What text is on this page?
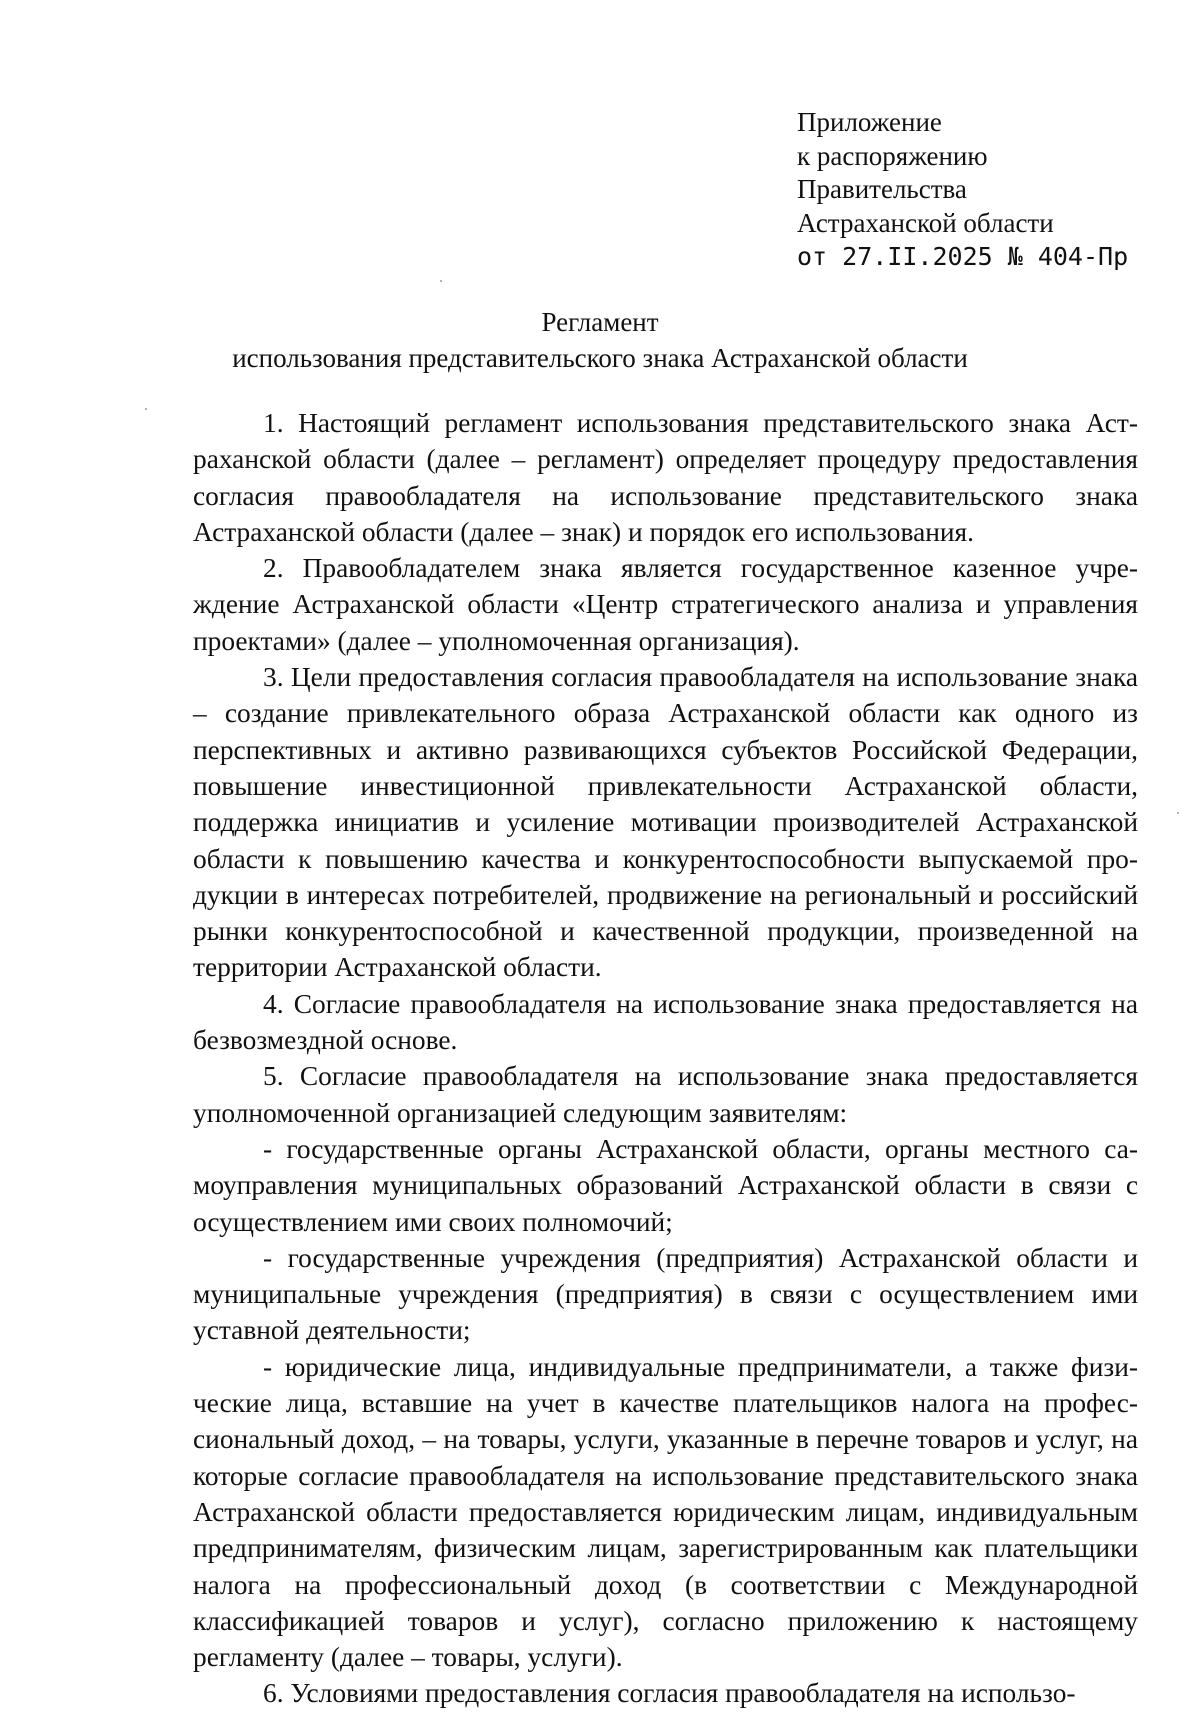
Приложение
к распоряжению
Правительства
Астраханской области
от 27.II.2025 № 404-Пр
Регламент
использования представительского знака Астраханской области

1. Настоящий регламент использования представительского знака Астраханской области (далее – регламент) определяет процедуру предоставления согласия правообладателя на использование представительского знака Астраханской области (далее – знак) и порядок его использования.

2. Правообладателем знака является государственное казенное учреждение Астраханской области «Центр стратегического анализа и управления проектами» (далее – уполномоченная организация).

3. Цели предоставления согласия правообладателя на использование знака – создание привлекательного образа Астраханской области как одного из перспективных и активно развивающихся субъектов Российской Федерации, повышение инвестиционной привлекательности Астраханской области, поддержка инициатив и усиление мотивации производителей Астраханской области к повышению качества и конкурентоспособности выпускаемой продукции в интересах потребителей, продвижение на региональный и российский рынки конкурентоспособной и качественной продукции, произведенной на территории Астраханской области.

4. Согласие правообладателя на использование знака предоставляется на безвозмездной основе.

5. Согласие правообладателя на использование знака предоставляется уполномоченной организацией следующим заявителям:

- государственные органы Астраханской области, органы местного самоуправления муниципальных образований Астраханской области в связи с осуществлением ими своих полномочий;

- государственные учреждения (предприятия) Астраханской области и муниципальные учреждения (предприятия) в связи с осуществлением ими уставной деятельности;

- юридические лица, индивидуальные предприниматели, а также физические лица, вставшие на учет в качестве плательщиков налога на профессиональный доход, – на товары, услуги, указанные в перечне товаров и услуг, на которые согласие правообладателя на использование представительского знака Астраханской области предоставляется юридическим лицам, индивидуальным предпринимателям, физическим лицам, зарегистрированным как плательщики налога на профессиональный доход (в соответствии с Международной классификацией товаров и услуг), согласно приложению к настоящему регламенту (далее – товары, услуги).

6. Условиями предоставления согласия правообладателя на использо-
